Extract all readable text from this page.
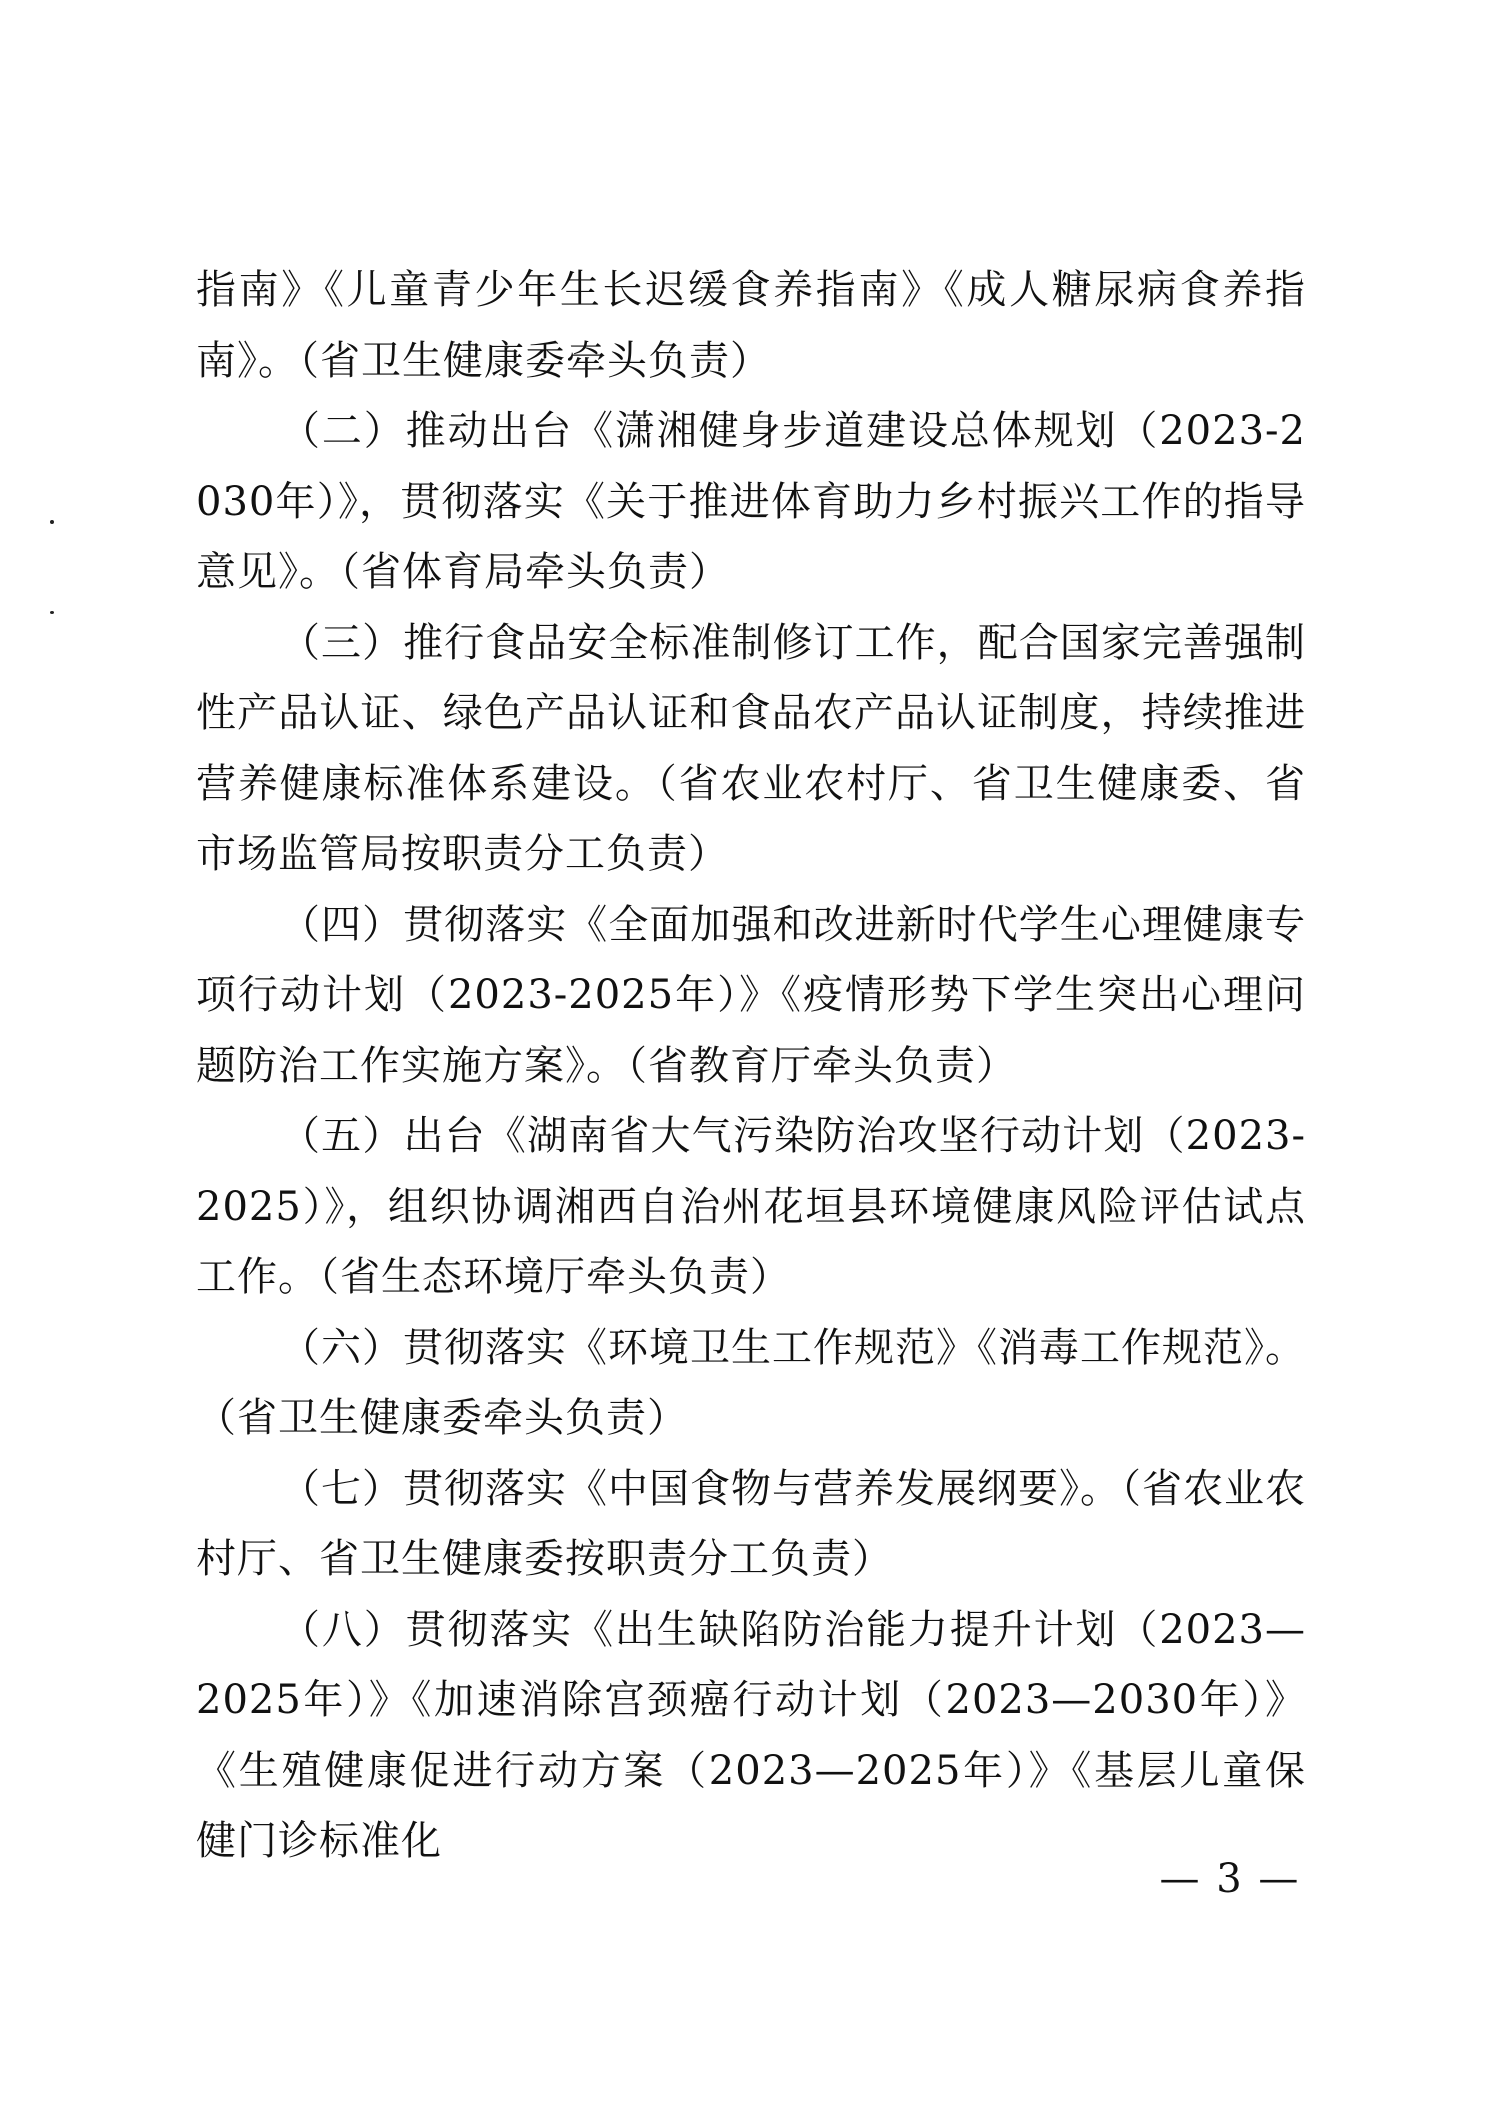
指南》《儿童青少年生长迟缓食养指南》《成人糖尿病食养指南》。（省卫生健康委牵头负责）

（二）推动出台《潇湘健身步道建设总体规划（2023-2030年）》，贯彻落实《关于推进体育助力乡村振兴工作的指导意见》。（省体育局牵头负责）

（三）推行食品安全标准制修订工作，配合国家完善强制性产品认证、绿色产品认证和食品农产品认证制度，持续推进营养健康标准体系建设。（省农业农村厅、省卫生健康委、省市场监管局按职责分工负责）

（四）贯彻落实《全面加强和改进新时代学生心理健康专项行动计划（2023-2025年）》《疫情形势下学生突出心理问题防治工作实施方案》。（省教育厅牵头负责）

（五）出台《湖南省大气污染防治攻坚行动计划（2023-2025）》，组织协调湘西自治州花垣县环境健康风险评估试点工作。（省生态环境厅牵头负责）

（六）贯彻落实《环境卫生工作规范》《消毒工作规范》。（省卫生健康委牵头负责）

（七）贯彻落实《中国食物与营养发展纲要》。（省农业农村厅、省卫生健康委按职责分工负责）

（八）贯彻落实《出生缺陷防治能力提升计划（2023—2025年）》《加速消除宫颈癌行动计划（2023—2030年）》《生殖健康促进行动方案（2023—2025年）》《基层儿童保健门诊标准化

— 3 —
